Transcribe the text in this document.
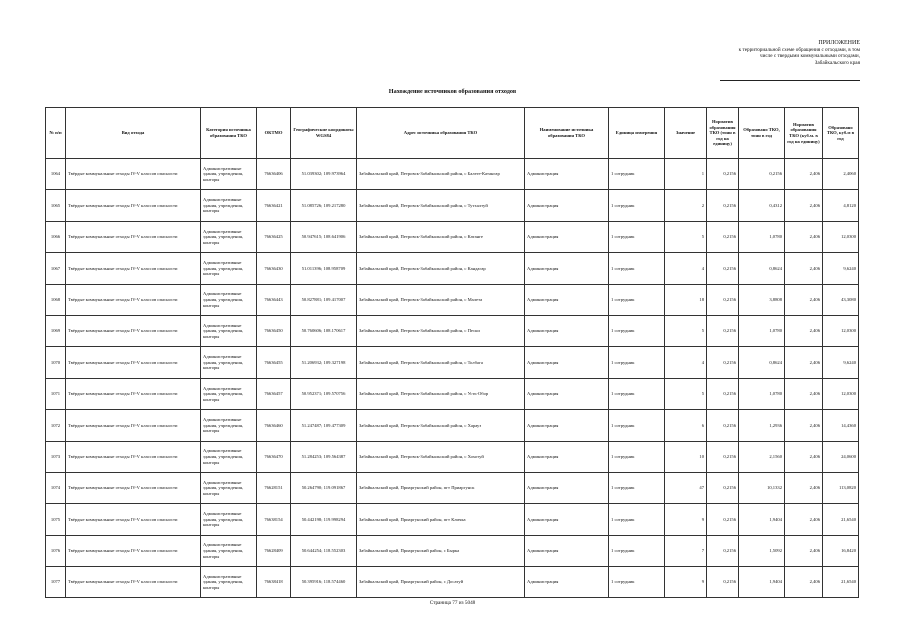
ПРИЛОЖЕНИЕ
к территориальной схеме обращения с отходами, в том
числе с твердыми коммунальными отходами,
Забайкальского края
Нахождение источников образования отходов
№ п/п	Вид отхода	Категория источника образования ТКО	ОКТМО	Географические координаты WGS84	Адрес источника образования ТКО	Наименование источника образования ТКО	Единица измерения	Значение	Норматив образования ТКО (тонн в год на единицу)	Образовано ТКО, тонн в год	Норматив образования ТКО (куб.м. в год на единицу)	Образовано ТКО, куб.м в год
1064	Твёрдые коммунальные отходы IV-V классов опасности	Административные здания, учреждения, конторы	76636406	51.039302; 109.973964	Забайкальский край, Петровск-Забайкальский район, с Балеге-Катангар	Администрация	1 сотрудник	1	0,2156	0,2156	2,406	2,4060
1065	Твёрдые коммунальные отходы IV-V классов опасности	Административные здания, учреждения, конторы	76636421	51.085726; 109.217280	Забайкальский край, Петровск-Забайкальский район, с Тутхалтуй	Администрация	1 сотрудник	2	0,2156	0,4312	2,406	4,8120
1066	Твёрдые коммунальные отходы IV-V классов опасности	Административные здания, учреждения, конторы	76636425	50.947615; 108.641906	Забайкальский край, Петровск-Забайкальский район, с Катанге	Администрация	1 сотрудник	5	0,2156	1,0780	2,406	12,0300
1067	Твёрдые коммунальные отходы IV-V классов опасности	Административные здания, учреждения, конторы	76636430	51.011396; 108.958709	Забайкальский край, Петровск-Забайкальский район, с Кандагар	Администрация	1 сотрудник	4	0,2156	0,8624	2,406	9,6240
1068	Твёрдые коммунальные отходы IV-V классов опасности	Административные здания, учреждения, конторы	76636443	50.827881; 109.417007	Забайкальский край, Петровск-Забайкальский район, с Малета	Администрация	1 сотрудник	18	0,2156	3,8808	2,406	43,3080
1069	Твёрдые коммунальные отходы IV-V классов опасности	Административные здания, учреждения, конторы	76636450	50.760606; 108.170617	Забайкальский край, Петровск-Забайкальский район, с Пески	Администрация	1 сотрудник	5	0,2156	1,0780	2,406	12,0300
1070	Твёрдые коммунальные отходы IV-V классов опасности	Административные здания, учреждения, конторы	76636455	51.206932; 109.327198	Забайкальский край, Петровск-Забайкальский район, с Толбага	Администрация	1 сотрудник	4	0,2156	0,8624	2,406	9,6240
1071	Твёрдые коммунальные отходы IV-V классов опасности	Административные здания, учреждения, конторы	76636457	50.952371; 109.570756	Забайкальский край, Петровск-Забайкальский район, с Усть-Обор	Администрация	1 сотрудник	5	0,2156	1,0780	2,406	12,0300
1072	Твёрдые коммунальные отходы IV-V классов опасности	Административные здания, учреждения, конторы	76636460	51.247487; 109.477309	Забайкальский край, Петровск-Забайкальский район, с Харауз	Администрация	1 сотрудник	6	0,2156	1,2936	2,406	14,4360
1073	Твёрдые коммунальные отходы IV-V классов опасности	Административные здания, учреждения, конторы	76636470	51.284253; 109.564387	Забайкальский край, Петровск-Забайкальский район, с Хохотуй	Администрация	1 сотрудник	10	0,2156	2,1560	2,406	24,0600
1074	Твёрдые коммунальные отходы IV-V классов опасности	Административные здания, учреждения, конторы	76628151	50.264790; 119.091867	Забайкальский край, Приаргунский район, пгт Приаргунск	Администрация	1 сотрудник	47	0,2156	10,1332	2,406	113,0820
1075	Твёрдые коммунальные отходы IV-V классов опасности	Административные здания, учреждения, конторы	76638154	50.442198; 119.998294	Забайкальский край, Приаргунский район, пгт Кличка	Администрация	1 сотрудник	9	0,2156	1,9404	2,406	21,6540
1076	Твёрдые коммунальные отходы IV-V классов опасности	Административные здания, учреждения, конторы	76628409	50.644254; 118.552303	Забайкальский край, Приаргунский район, с Бырка	Администрация	1 сотрудник	7	0,2156	1,5092	2,406	16,8420
1077	Твёрдые коммунальные отходы IV-V классов опасности	Административные здания, учреждения, конторы	76638418	50.395916; 118.574460	Забайкальский край, Приаргунский район, с Досатуй	Администрация	1 сотрудник	9	0,2156	1,9404	2,406	21,6540
Страница 77 из 5048
